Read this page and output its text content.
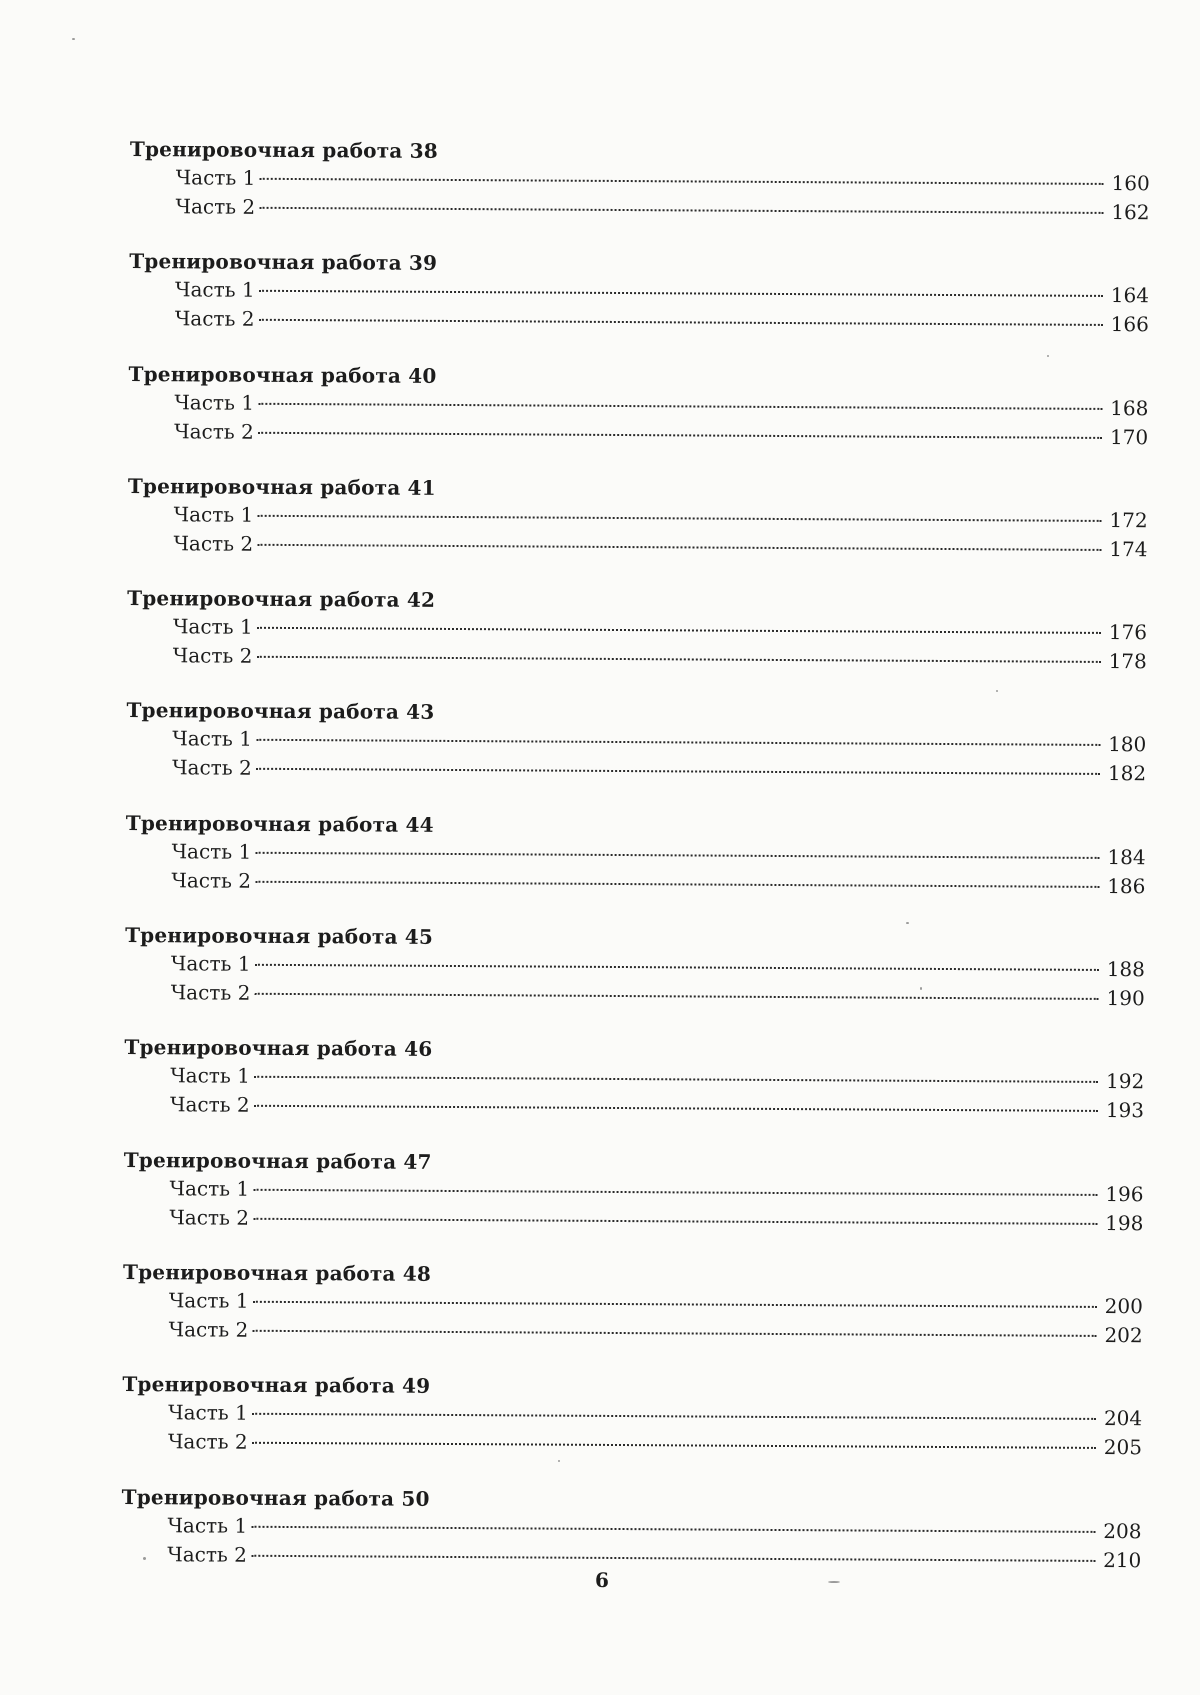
Тренировочная работа 38
Часть 1	160
Часть 2	162
Тренировочная работа 39
Часть 1	164
Часть 2	166
Тренировочная работа 40
Часть 1	168
Часть 2	170
Тренировочная работа 41
Часть 1	172
Часть 2	174
Тренировочная работа 42
Часть 1	176
Часть 2	178
Тренировочная работа 43
Часть 1	180
Часть 2	182
Тренировочная работа 44
Часть 1	184
Часть 2	186
Тренировочная работа 45
Часть 1	188
Часть 2	190
Тренировочная работа 46
Часть 1	192
Часть 2	193
Тренировочная работа 47
Часть 1	196
Часть 2	198
Тренировочная работа 48
Часть 1	200
Часть 2	202
Тренировочная работа 49
Часть 1	204
Часть 2	205
Тренировочная работа 50
Часть 1	208
Часть 2	210
6
